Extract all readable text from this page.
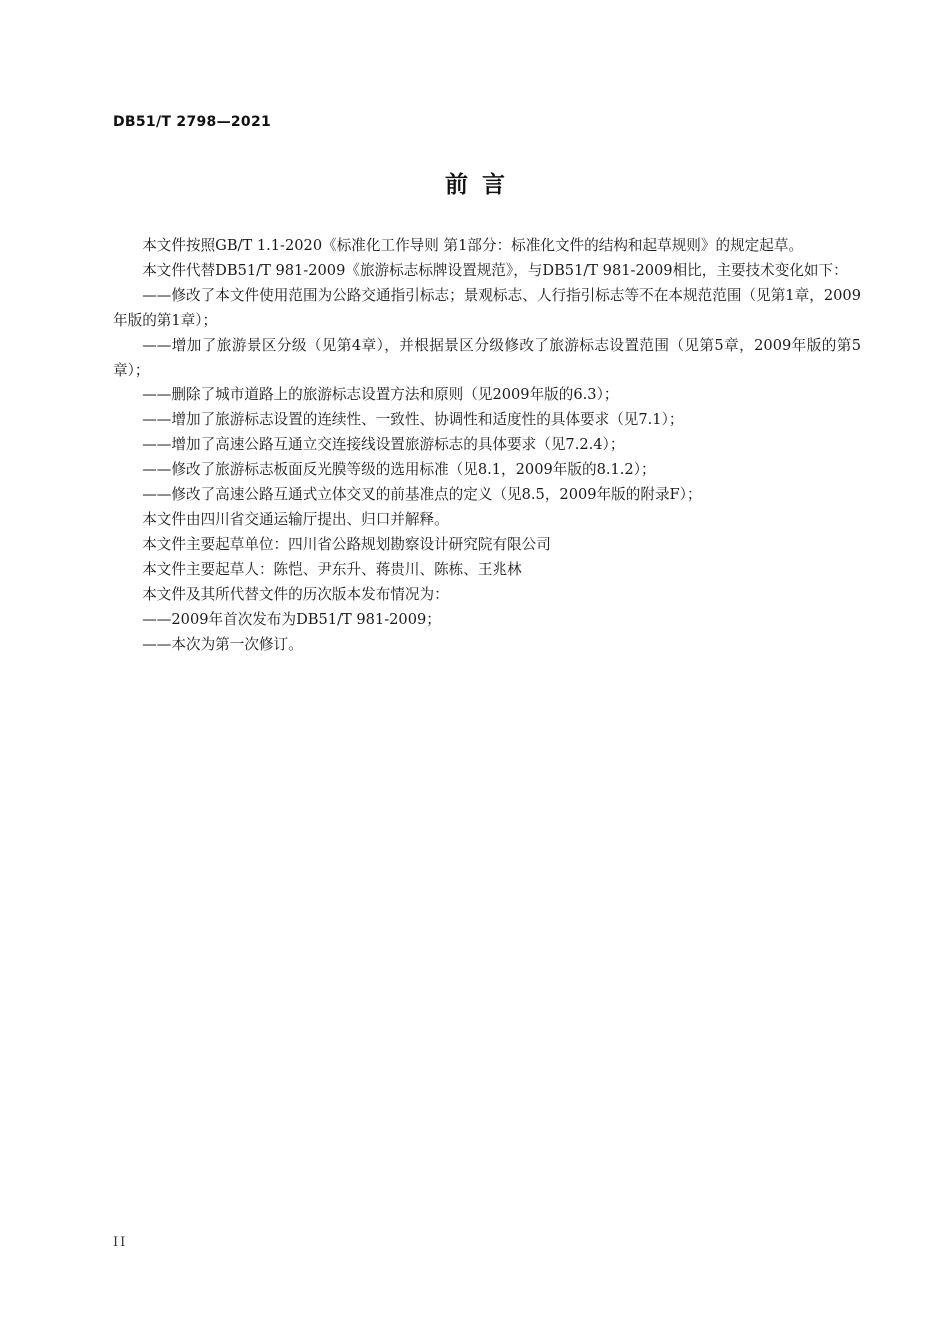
DB51/T 2798—2021
前言

本文件按照GB/T 1.1-2020《标准化工作导则 第1部分：标准化文件的结构和起草规则》的规定起草。

本文件代替DB51/T 981-2009《旅游标志标牌设置规范》，与DB51/T 981-2009相比，主要技术变化如下：

——修改了本文件使用范围为公路交通指引标志；景观标志、人行指引标志等不在本规范范围（见第1章，2009年版的第1章）；

——增加了旅游景区分级（见第4章），并根据景区分级修改了旅游标志设置范围（见第5章，2009年版的第5章）；

——删除了城市道路上的旅游标志设置方法和原则（见2009年版的6.3）；

——增加了旅游标志设置的连续性、一致性、协调性和适度性的具体要求（见7.1）；

——增加了高速公路互通立交连接线设置旅游标志的具体要求（见7.2.4）；

——修改了旅游标志板面反光膜等级的选用标准（见8.1，2009年版的8.1.2）；

——修改了高速公路互通式立体交叉的前基准点的定义（见8.5，2009年版的附录F）；

本文件由四川省交通运输厅提出、归口并解释。

本文件主要起草单位：四川省公路规划勘察设计研究院有限公司

本文件主要起草人：陈恺、尹东升、蒋贵川、陈栋、王兆林

本文件及其所代替文件的历次版本发布情况为：

——2009年首次发布为DB51/T 981-2009；

——本次为第一次修订。

II
